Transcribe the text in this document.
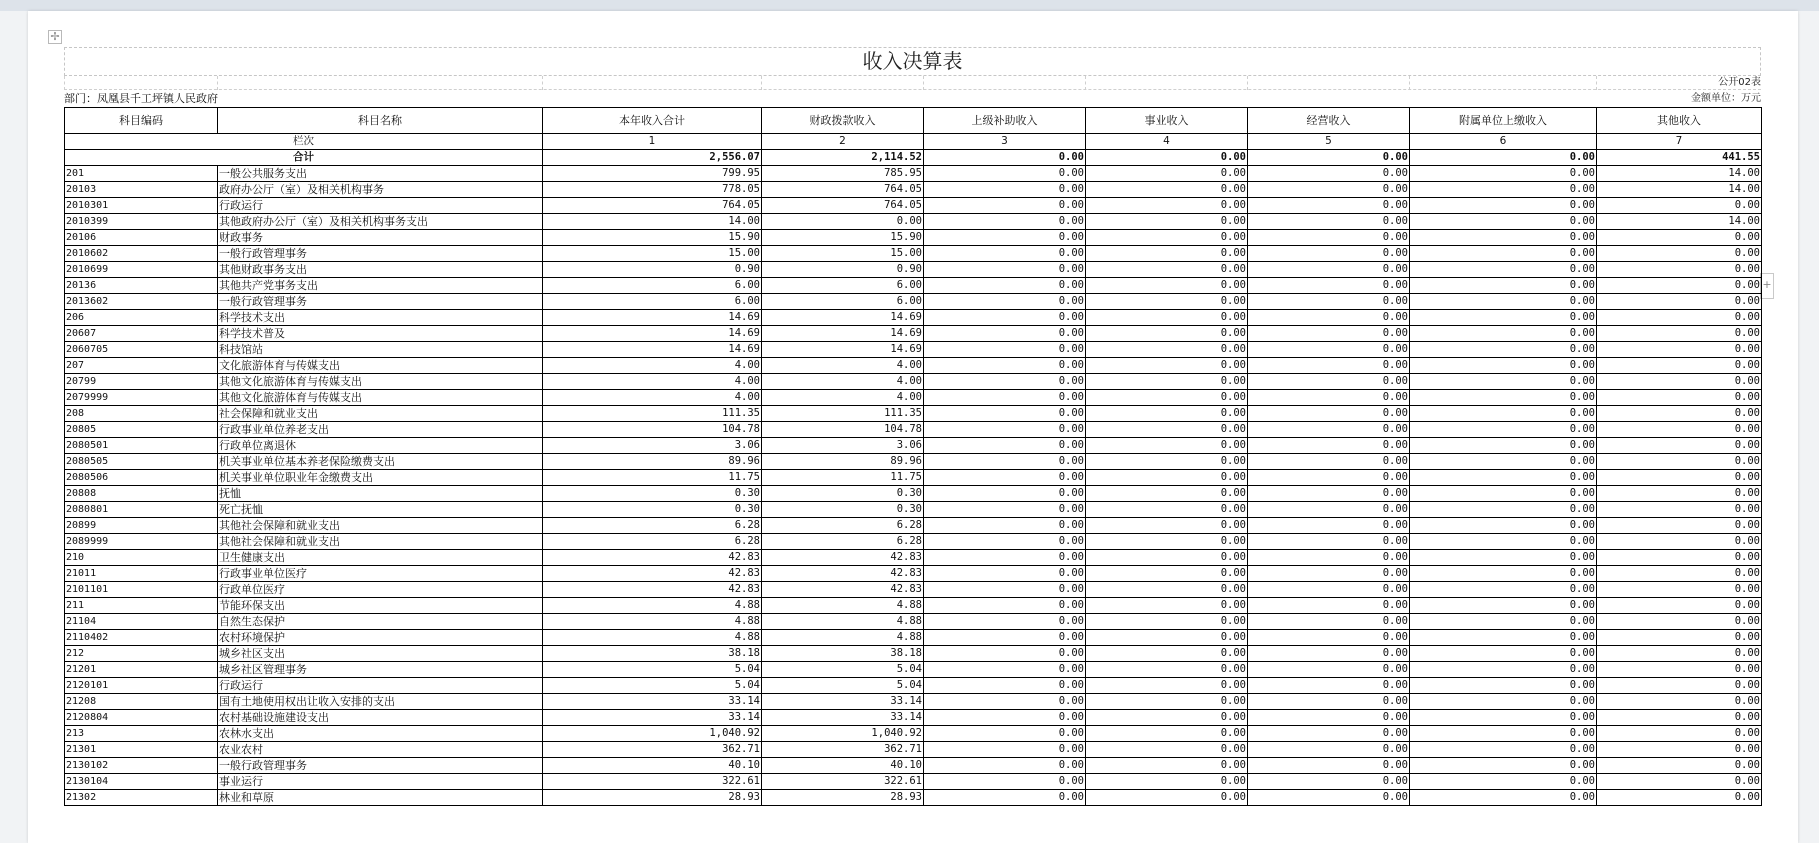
✢
+
收入决算表
公开02表
部门：凤凰县千工坪镇人民政府	金额单位：万元
科目编码	科目名称	本年收入合计	财政拨款收入	上级补助收入	事业收入	经营收入	附属单位上缴收入	其他收入
栏次		1	2	3	4	5	6	7
合计		2,556.07	2,114.52	0.00	0.00	0.00	0.00	441.55
201	一般公共服务支出	799.95	785.95	0.00	0.00	0.00	0.00	14.00
20103	政府办公厅（室）及相关机构事务	778.05	764.05	0.00	0.00	0.00	0.00	14.00
2010301	行政运行	764.05	764.05	0.00	0.00	0.00	0.00	0.00
2010399	其他政府办公厅（室）及相关机构事务支出	14.00	0.00	0.00	0.00	0.00	0.00	14.00
20106	财政事务	15.90	15.90	0.00	0.00	0.00	0.00	0.00
2010602	一般行政管理事务	15.00	15.00	0.00	0.00	0.00	0.00	0.00
2010699	其他财政事务支出	0.90	0.90	0.00	0.00	0.00	0.00	0.00
20136	其他共产党事务支出	6.00	6.00	0.00	0.00	0.00	0.00	0.00
2013602	一般行政管理事务	6.00	6.00	0.00	0.00	0.00	0.00	0.00
206	科学技术支出	14.69	14.69	0.00	0.00	0.00	0.00	0.00
20607	科学技术普及	14.69	14.69	0.00	0.00	0.00	0.00	0.00
2060705	科技馆站	14.69	14.69	0.00	0.00	0.00	0.00	0.00
207	文化旅游体育与传媒支出	4.00	4.00	0.00	0.00	0.00	0.00	0.00
20799	其他文化旅游体育与传媒支出	4.00	4.00	0.00	0.00	0.00	0.00	0.00
2079999	其他文化旅游体育与传媒支出	4.00	4.00	0.00	0.00	0.00	0.00	0.00
208	社会保障和就业支出	111.35	111.35	0.00	0.00	0.00	0.00	0.00
20805	行政事业单位养老支出	104.78	104.78	0.00	0.00	0.00	0.00	0.00
2080501	行政单位离退休	3.06	3.06	0.00	0.00	0.00	0.00	0.00
2080505	机关事业单位基本养老保险缴费支出	89.96	89.96	0.00	0.00	0.00	0.00	0.00
2080506	机关事业单位职业年金缴费支出	11.75	11.75	0.00	0.00	0.00	0.00	0.00
20808	抚恤	0.30	0.30	0.00	0.00	0.00	0.00	0.00
2080801	死亡抚恤	0.30	0.30	0.00	0.00	0.00	0.00	0.00
20899	其他社会保障和就业支出	6.28	6.28	0.00	0.00	0.00	0.00	0.00
2089999	其他社会保障和就业支出	6.28	6.28	0.00	0.00	0.00	0.00	0.00
210	卫生健康支出	42.83	42.83	0.00	0.00	0.00	0.00	0.00
21011	行政事业单位医疗	42.83	42.83	0.00	0.00	0.00	0.00	0.00
2101101	行政单位医疗	42.83	42.83	0.00	0.00	0.00	0.00	0.00
211	节能环保支出	4.88	4.88	0.00	0.00	0.00	0.00	0.00
21104	自然生态保护	4.88	4.88	0.00	0.00	0.00	0.00	0.00
2110402	农村环境保护	4.88	4.88	0.00	0.00	0.00	0.00	0.00
212	城乡社区支出	38.18	38.18	0.00	0.00	0.00	0.00	0.00
21201	城乡社区管理事务	5.04	5.04	0.00	0.00	0.00	0.00	0.00
2120101	行政运行	5.04	5.04	0.00	0.00	0.00	0.00	0.00
21208	国有土地使用权出让收入安排的支出	33.14	33.14	0.00	0.00	0.00	0.00	0.00
2120804	农村基础设施建设支出	33.14	33.14	0.00	0.00	0.00	0.00	0.00
213	农林水支出	1,040.92	1,040.92	0.00	0.00	0.00	0.00	0.00
21301	农业农村	362.71	362.71	0.00	0.00	0.00	0.00	0.00
2130102	一般行政管理事务	40.10	40.10	0.00	0.00	0.00	0.00	0.00
2130104	事业运行	322.61	322.61	0.00	0.00	0.00	0.00	0.00
21302	林业和草原	28.93	28.93	0.00	0.00	0.00	0.00	0.00
